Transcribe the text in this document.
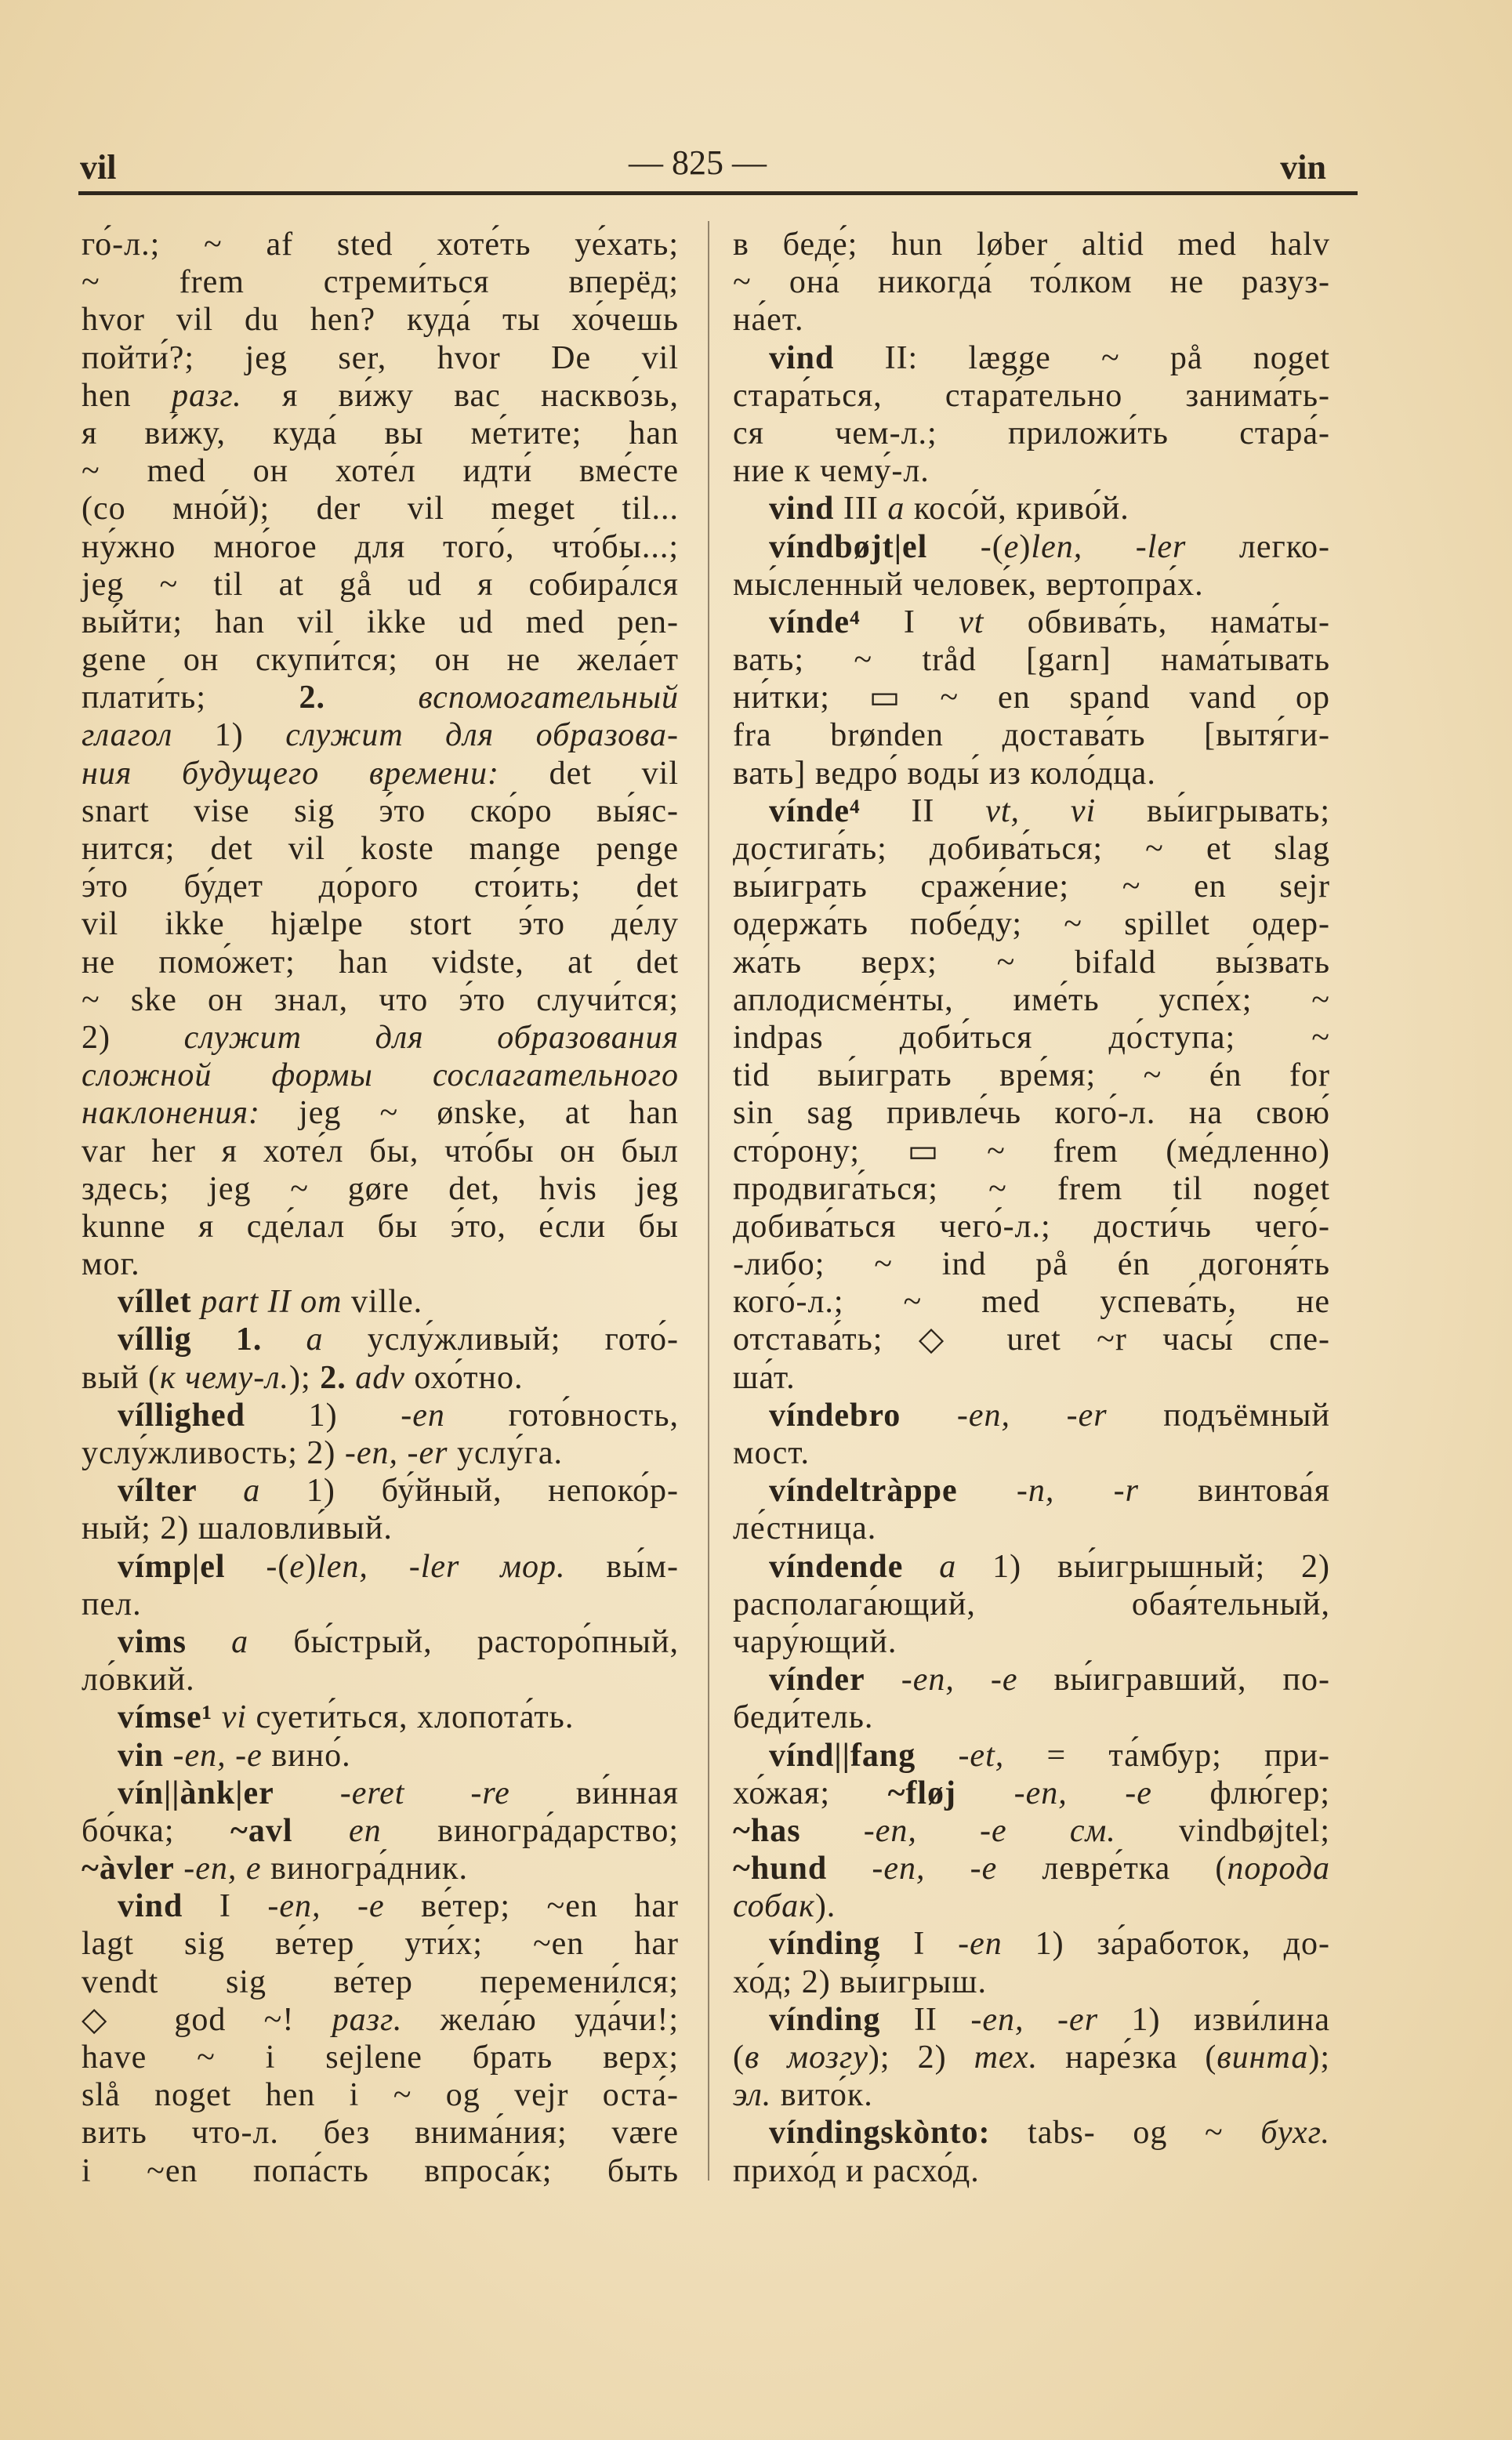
vil	— 825 —	vin
го́-л.; ~ af sted хоте́ть уе́хать;
~ frem стреми́ться вперёд;
hvor vil du hen? куда́ ты хо́чешь
пойти́?; jeg ser, hvor De vil
hen разг. я ви́жу вас наскво́зь,
я ви́жу, куда́ вы ме́тите; han
~ med он хоте́л идти́ вме́сте
(со мно́й); der vil meget til...
ну́жно мно́гое для того́, что́бы...;
jeg ~ til at gå ud я собира́лся
вы́йти; han vil ikke ud med pen-
gene он скупи́тся; он не жела́ет
плати́ть; 2.	вспомогательный
глагол 1) служит для образова-
ния будущего времени: det vil
snart vise sig э́то ско́ро вы́яс-
нится; det vil koste mange penge
э́то бу́дет до́рого сто́ить; det
vil ikke hjælpe stort э́то де́лу
не помо́жет; han vidste, at det
~ ske он знал, что э́то случи́тся;
2) служит для образования
сложной формы сослагательного
наклонения: jeg ~ ønske, at han
var her я хоте́л бы, что́бы он был
здесь; jeg ~ gøre det, hvis jeg
kunne я сде́лал бы э́то, е́сли бы
мог.
víllet part II om ville.
víllig 1. a услу́жливый; гото́-
вый (к чему-л.); 2. adv охо́тно.
víllighed 1) -en гото́вность,
услу́жливость; 2) -en, -er услу́га.
vílter a 1) бу́йный, непоко́р-
ный; 2) шаловли́вый.
vímp|el -(e)len, -ler мор. вы́м-
пел.
vims a бы́стрый, расторо́пный,
ло́вкий.
vímse¹ vi суети́ться, хлопота́ть.
vin -en, -e вино́.
vín||ànk|er -eret -re ви́нная
бо́чка; ~avl en виногра́дарство;
~àvler -en, e виногра́дник.
vind I -en, -e ве́тер; ~en har
lagt sig ве́тер ути́х; ~en har
vendt sig ве́тер перемени́лся;
◇ god ~! разг. жела́ю уда́чи!;
have ~ i sejlene брать верх;
slå noget hen i ~ og vejr оста́-
вить что-л. без внима́ния; være
i ~en попа́сть впроса́к; быть
в беде́; hun løber altid med halv
~ она́ никогда́ то́лком не разуз-
на́ет.
vind II: lægge ~ på noget
стара́ться, стара́тельно занима́ть-
ся чем-л.; приложи́ть стара́-
ние к чему́-л.
vind III a косо́й, криво́й.
víndbøjt|el -(e)len, -ler легко-
мы́сленный челове́к, вертопра́х.
vínde⁴ I vt обвива́ть, нама́ты-
вать; ~ tråd [garn] нама́тывать
ни́тки; ▭ ~ en spand vand op
fra brønden достава́ть [вытя́ги-
вать] ведро́ воды́ из коло́дца.
vínde⁴ II vt, vi вы́игрывать;
достига́ть; добива́ться; ~ et slag
вы́играть сраже́ние; ~ en sejr
одержа́ть побе́ду; ~ spillet одер-
жа́ть верх; ~ bifald вы́звать
аплодисме́нты, име́ть успе́х; ~
indpas доби́ться до́ступа; ~
tid вы́играть вре́мя; ~ én for
sin sag привле́чь кого́-л. на свою́
сто́рону; ▭ ~ frem (ме́дленно)
продвига́ться; ~ frem til noget
добива́ться чего́-л.; дости́чь чего́-
-либо; ~ ind på én догоня́ть
кого́-л.; ~ med успева́ть, не
отстава́ть; ◇ uret ~r часы́ спе-
ша́т.
víndebro -en, -er подъёмный
мост.
víndeltràppe -n, -r винтова́я
ле́стница.
víndende a 1) вы́игрышный; 2)
располага́ющий, обая́тельный,
чару́ющий.
vínder -en, -e вы́игравший, по-
беди́тель.
vínd||fang -et, = та́мбур; при-
хо́жая; ~fløj -en, -e флю́гер;
~has -en, -e см. vindbøjtel;
~hund -en, -e левре́тка (порода
собак).
vínding I -en 1) за́работок, до-
хо́д; 2) вы́игрыш.
vínding II -en, -er 1) изви́лина
(в мозгу); 2) тех. наре́зка (винта);
эл. вито́к.
víndingskònto: tabs- og ~ бухг.
прихо́д и расхо́д.
